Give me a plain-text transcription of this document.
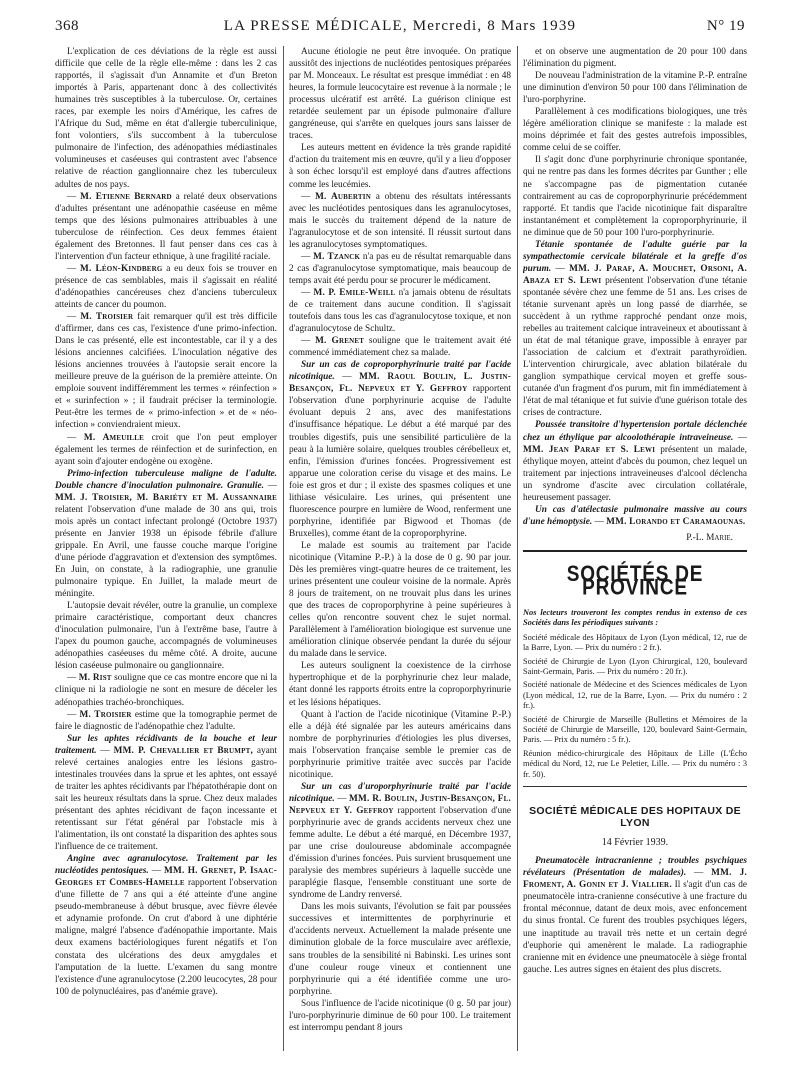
368	LA PRESSE MÉDICALE, Mercredi, 8 Mars 1939	N° 19

L'explication de ces déviations de la règle est aussi difficile que celle de la règle elle-même : dans les 2 cas rapportés, il s'agissait d'un Annamite et d'un Breton importés à Paris, appartenant donc à des collectivités humaines très susceptibles à la tuberculose. Or, certaines races, par exemple les noirs d'Amérique, les cafres de l'Afrique du Sud, même en état d'allergie tuberculinique, font volontiers, s'ils succombent à la tuberculose pulmonaire de l'infection, des adénopathies médiastinales volumineuses et caséeuses qui contrastent avec l'absence relative de réaction ganglionnaire chez les tuberculeux adultes de nos pays.

— M. Etienne Bernard a relaté deux observations d'adultes présentant une adénopathie caséeuse en même temps que des lésions pulmonaires attribuables à une tuberculose de réinfection. Ces deux femmes étaient également des Bretonnes. Il faut penser dans ces cas à l'intervention d'un facteur ethnique, à une fragilité raciale.

— M. Léon-Kindberg a eu deux fois se trouver en présence de cas semblables, mais il s'agissait en réalité d'adénopathies cancéreuses chez d'anciens tuberculeux atteints de cancer du poumon.

— M. Troisier fait remarquer qu'il est très difficile d'affirmer, dans ces cas, l'existence d'une primo-infection. Dans le cas présenté, elle est incontestable, car il y a des lésions anciennes calcifiées. L'inoculation négative des lésions anciennes trouvées à l'autopsie serait encore la meilleure preuve de la guérison de la première atteinte. On emploie souvent indifféremment les termes « réinfection » et « surinfection » ; il faudrait préciser la terminologie. Peut-être les termes de « primo-infection » et de « néo-infection » conviendraient mieux.

— M. Ameuille croit que l'on peut employer également les termes de réinfection et de surinfection, en ayant soin d'ajouter endogène ou exogène.

Primo-infection tuberculeuse maligne de l'adulte. Double chancre d'inoculation pulmonaire. Granulie. — MM. J. Troisier, M. Bariéty et M. Aussannaire relatent l'observation d'une malade de 30 ans qui, trois mois après un contact infectant prolongé (Octobre 1937) présente en Janvier 1938 un épisode fébrile d'allure grippale. En Avril, une fausse couche marque l'origine d'une période d'aggravation et d'extension des symptômes. En Juin, on constate, à la radiographie, une granulie pulmonaire typique. En Juillet, la malade meurt de méningite.

L'autopsie devait révéler, outre la granulie, un complexe primaire caractéristique, comportant deux chancres d'inoculation pulmonaire, l'un à l'extrême base, l'autre à l'apex du poumon gauche, accompagnés de volumineuses adénopathies caséeuses du même côté. A droite, aucune lésion caséeuse pulmonaire ou ganglionnaire.

— M. Rist souligne que ce cas montre encore que ni la clinique ni la radiologie ne sont en mesure de déceler les adénopathies trachéo-bronchiques.

— M. Troisier estime que la tomographie permet de faire le diagnostic de l'adénopathie chez l'adulte.

Sur les aphtes récidivants de la bouche et leur traitement. — MM. P. Chevallier et Brumpt, ayant relevé certaines analogies entre les lésions gastro-intestinales trouvées dans la sprue et les aphtes, ont essayé de traiter les aphtes récidivants par l'hépatothérapie dont on sait les heureux résultats dans la sprue. Chez deux malades présentant des aphtes récidivant de façon incessante et retentissant sur l'état général par l'obstacle mis à l'alimentation, ils ont constaté la disparition des aphtes sous l'influence de ce traitement.

Angine avec agranulocytose. Traitement par les nucléotides pentosiques. — MM. H. Grenet, P. Isaac-Georges et Combes-Hamelle rapportent l'observation d'une fillette de 7 ans qui a été atteinte d'une angine pseudo-membraneuse à début brusque, avec fièvre élevée et adynamie profonde. On crut d'abord à une diphtérie maligne, malgré l'absence d'adénopathie importante. Mais deux examens bactériologiques furent négatifs et l'on constata des ulcérations des deux amygdales et l'amputation de la luette. L'examen du sang montre l'existence d'une agranulocytose (2.200 leucocytes, 28 pour 100 de polynucléaires, pas d'anémie grave).

Aucune étiologie ne peut être invoquée. On pratique aussitôt des injections de nucléotides pentosiques préparées par M. Monceaux. Le résultat est presque immédiat : en 48 heures, la formule leucocytaire est revenue à la normale ; le processus ulcératif est arrêté. La guérison clinique est retardée seulement par un épisode pulmonaire d'allure gangréneuse, qui s'arrête en quelques jours sans laisser de traces.

Les auteurs mettent en évidence la très grande rapidité d'action du traitement mis en œuvre, qu'il y a lieu d'opposer à son échec lorsqu'il est employé dans d'autres affections comme les leucémies.

— M. Aubertin a obtenu des résultats intéressants avec les nucléotides pentosiques dans les agranulocytoses, mais le succès du traitement dépend de la nature de l'agranulocytose et de son intensité. Il réussit surtout dans les agranulocytoses symptomatiques.

— M. Tzanck n'a pas eu de résultat remarquable dans 2 cas d'agranulocytose symptomatique, mais beaucoup de temps avait été perdu pour se procurer le médicament.

— M. P. Emile-Weill n'a jamais obtenu de résultats de ce traitement dans aucune condition. Il s'agissait toutefois dans tous les cas d'agranulocytose toxique, et non d'agranulocytose de Schultz.

— M. Grenet souligne que le traitement avait été commencé immédiatement chez sa malade.

Sur un cas de coproporphyrinurie traité par l'acide nicotinique. — MM. Raoul Boulin, L. Justin-Besançon, Fl. Nepveux et Y. Geffroy rapportent l'observation d'une porphyrinurie acquise de l'adulte évoluant depuis 2 ans, avec des manifestations d'insuffisance hépatique. Le début a été marqué par des troubles digestifs, puis une sensibilité particulière de la peau à la lumière solaire, quelques troubles cérébelleux et, enfin, l'émission d'urines foncées. Progressivement est apparue une coloration cerise du visage et des mains. Le foie est gros et dur ; il existe des spasmes coliques et une lithiase vésiculaire. Les urines, qui présentent une fluorescence pourpre en lumière de Wood, renferment une porphyrine, identifiée par Bigwood et Thomas (de Bruxelles), comme étant de la coproporphyrine.

Le malade est soumis au traitement par l'acide nicotinique (Vitamine P.-P.) à la dose de 0 g. 90 par jour. Dès les premières vingt-quatre heures de ce traitement, les urines présentent une couleur voisine de la normale. Après 8 jours de traitement, on ne trouvait plus dans les urines que des traces de coproporphyrine à peine supérieures à celles qu'on rencontre souvent chez le sujet normal. Parallèlement à l'amélioration biologique est survenue une amélioration clinique observée pendant la durée du séjour du malade dans le service.

Les auteurs soulignent la coexistence de la cirrhose hypertrophique et de la porphyrinurie chez leur malade, étant donné les rapports étroits entre la coproporphyrinurie et les lésions hépatiques.

Quant à l'action de l'acide nicotinique (Vitamine P.-P.) elle a déjà été signalée par les auteurs américains dans nombre de porphyrinuries d'étiologies les plus diverses, mais l'observation française semble le premier cas de porphyrinurie primitive traitée avec succès par l'acide nicotinique.

Sur un cas d'uroporphyrinurie traité par l'acide nicotinique. — MM. R. Boulin, Justin-Besançon, Fl. Nepveux et Y. Geffroy rapportent l'observation d'une porphyrinurie avec de grands accidents nerveux chez une femme adulte. Le début a été marqué, en Décembre 1937, par une crise douloureuse abdominale accompagnée d'émission d'urines foncées. Puis survient brusquement une paralysie des membres supérieurs à laquelle succède une paraplégie flasque, l'ensemble constituant une sorte de syndrome de Landry renversé.

Dans les mois suivants, l'évolution se fait par poussées successives et intermittentes de porphyrinurie et d'accidents nerveux. Actuellement la malade présente une diminution globale de la force musculaire avec aréflexie, sans troubles de la sensibilité ni Babinski. Les urines sont d'une couleur rouge vineux et contiennent une porphyrinurie qui a été identifiée comme une uro-porphyrine.

Sous l'influence de l'acide nicotinique (0 g. 50 par jour) l'uro-porphyrinurie diminue de 60 pour 100. Le traitement est interrompu pendant 8 jours

et on observe une augmentation de 20 pour 100 dans l'élimination du pigment.

De nouveau l'administration de la vitamine P.-P. entraîne une diminution d'environ 50 pour 100 dans l'élimination de l'uro-porphyrine.

Parallèlement à ces modifications biologiques, une très légère amélioration clinique se manifeste : la malade est moins déprimée et fait des gestes autrefois impossibles, comme celui de se coiffer.

Il s'agit donc d'une porphyrinurie chronique spontanée, qui ne rentre pas dans les formes décrites par Gunther ; elle ne s'accompagne pas de pigmentation cutanée contrairement au cas de coproporphyrinurie précédemment rapporté. Et tandis que l'acide nicotinique fait disparaître instantanément et complètement la coproporphyrinurie, il ne diminue que de 50 pour 100 l'uro-porphyrinurie.

Tétanie spontanée de l'adulte guérie par la sympathectomie cervicale bilatérale et la greffe d'os purum. — MM. J. Paraf, A. Mouchet, Orsoni, A. Abaza et S. Lewi présentent l'observation d'une tétanie spontanée sévère chez une femme de 51 ans. Les crises de tétanie survenant après un long passé de diarrhée, se succèdent à un rythme rapproché pendant onze mois, rebelles au traitement calcique intraveineux et aboutissant à un état de mal tétanique grave, impossible à enrayer par l'association de calcium et d'extrait parathyroïdien. L'intervention chirurgicale, avec ablation bilatérale du ganglion sympathique cervical moyen et greffe sous-cutanée d'un fragment d'os purum, mit fin immédiatement à l'état de mal tétanique et fut suivie d'une guérison totale des crises de contracture.

Poussée transitoire d'hypertension portale déclenchée chez un éthylique par alcoolothérapie intraveineuse. — MM. Jean Paraf et S. Lewi présentent un malade, éthylique moyen, atteint d'abcès du poumon, chez lequel un traitement par injections intraveineuses d'alcool déclencha un syndrome d'ascite avec circulation collatérale, heureusement passager.

Un cas d'atélectasie pulmonaire massive au cours d'une hémoptysie. — MM. Lorando et Caramaounas.

P.-L. Marie.

SOCIÉTÉS DE PROVINCE

Nos lecteurs trouveront les comptes rendus in extenso de ces Sociétés dans les périodiques suivants :

Société médicale des Hôpitaux de Lyon (Lyon médical, 12, rue de la Barre, Lyon. — Prix du numéro : 2 fr.).

Société de Chirurgie de Lyon (Lyon Chirurgical, 120, boulevard Saint-Germain, Paris. — Prix du numéro : 20 fr.).

Société nationale de Médecine et des Sciences médicales de Lyon (Lyon médical, 12, rue de la Barre, Lyon. — Prix du numéro : 2 fr.).

Société de Chirurgie de Marseille (Bulletins et Mémoires de la Société de Chirurgie de Marseille, 120, boulevard Saint-Germain, Paris. — Prix du numéro : 5 fr.).

Réunion médico-chirurgicale des Hôpitaux de Lille (L'Écho médical du Nord, 12, rue Le Peletier, Lille. — Prix du numéro : 3 fr. 50).

SOCIÉTÉ MÉDICALE DES HOPITAUX DE LYON

14 Février 1939.

Pneumatocèle intracranienne ; troubles psychiques révélateurs (Présentation de malades). — MM. J. Froment, A. Gonin et J. Viallier. Il s'agit d'un cas de pneumatocèle intra-cranienne consécutive à une fracture du frontal méconnue, datant de deux mois, avec enfoncement du sinus frontal. Ce furent des troubles psychiques légers, une inaptitude au travail très nette et un certain degré d'euphorie qui amenèrent le malade. La radiographie cranienne mit en évidence une pneumatocèle à siège frontal gauche. Les autres signes en étaient des plus discrets.
